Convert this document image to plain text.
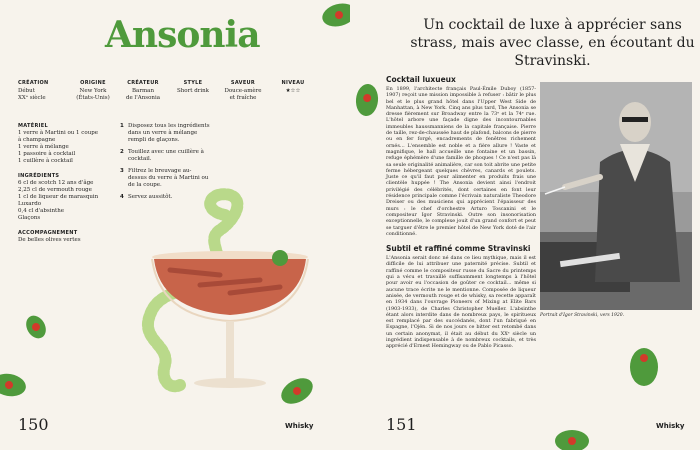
Ansonia
CRÉATION
Début
XXᵉ siècle
ORIGINE
New York
(États-Unis)
CRÉATEUR
Barman
de l'Ansonia
STYLE
Short drink
SAVEUR
Douce-amère
et fraîche
NIVEAU
★☆☆
MATÉRIEL
1 verre à Martini ou 1 coupe
à champagne
1 verre à mélange
1 passoire à cocktail
1 cuillère à cocktail
INGRÉDIENTS
6 cl de scotch 12 ans d'âge
2,25 cl de vermouth rouge
1 cl de liqueur de marasquin
Luxardo
0,4 cl d'absinthe
Glaçons
ACCOMPAGNEMENT
De belles olives vertes
1 Disposez tous les ingrédients dans un verre à mélange rempli de glaçons.
2 Touillez avec une cuillère à cocktail.
3 Filtrez le breuvage au-dessus du verre à Martini ou de la coupe.
4 Servez aussitôt.
150	Whisky
Un cocktail de luxe à apprécier sans strass, mais avec classe, en écoutant du Stravinski.
Cocktail luxueux
En 1899, l'architecte français Paul-Émile Duboy (1857-1907) reçoit une mission impossible à refuser : bâtir le plus bel et le plus grand hôtel dans l'Upper West Side de Manhattan, à New York. Cinq ans plus tard, The Ansonia se dresse fièrement sur Broadway entre la 73ᵉ et la 74ᵉ rue. L'hôtel arbore une façade digne des incontournables immeubles haussmanniens de la capitale française. Pierre de taille, rez-de-chaussée haut de plafond, balcons de pierre ou en fer forgé, encadrements de fenêtres richement ornés… L'ensemble est noble et a fière allure ! Vaste et magnifique, le hall accueille une fontaine et un bassin, refuge éphémère d'une famille de phoques ! Ce n'est pas là sa seule originalité animalière, car son toit abrite une petite ferme hébergeant quelques chèvres, canards et poulets. Juste ce qu'il faut pour alimenter en produits frais une clientèle huppée ! The Ansonia devient ainsi l'endroit privilégié des célébrités, dont certaines en font leur résidence principale comme l'écrivain naturaliste Theodore Dreiser ou des musiciens qui apprécient l'épaisseur des murs : le chef d'orchestre Arturo Toscanini et le compositeur Igor Stravinski. Outre son insonorisation exceptionnelle, le complexe jouit d'un grand confort et peut se targuer d'être le premier hôtel de New York doté de l'air conditionné.
Subtil et raffiné comme Stravinski
L'Ansonia serait donc né dans ce lieu mythique, mais il est difficile de lui attribuer une paternité précise. Subtil et raffiné comme le compositeur russe du Sacre du printemps qui a vécu et travaillé suffisamment longtemps à l'hôtel pour avoir eu l'occasion de goûter ce cocktail… même si aucune trace écrite ne le mentionne. Composée de liqueur anisée, de vermouth rouge et de whisky, sa recette apparaît en 1934 dans l'ouvrage Pioneers of Mixing at Elite Bars (1903-1933), de Charles Christopher Mueller. L'absinthe étant alors interdite dans de nombreux pays, le spiritueux est remplacé par des succédanés, dont l'un fabriqué en Espagne, l'Ojén. Si de nos jours ce bitter est retombé dans un certain anonymat, il était au début du XXᵉ siècle un ingrédient indispensable à de nombreux cocktails, et très apprécié d'Ernest Hemingway ou de Pablo Picasso.
Portrait d'Igor Stravinski, vers 1920.
151	Whisky
